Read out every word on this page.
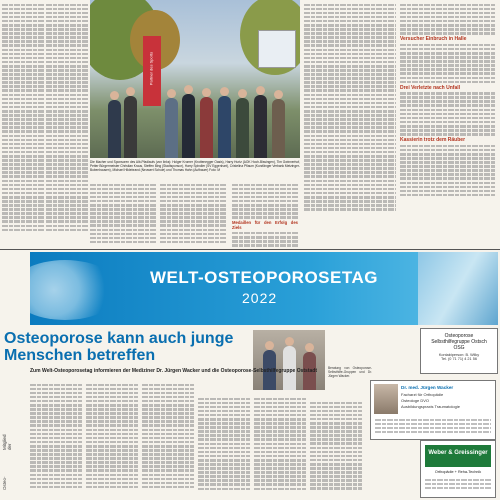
Partner des Sports
Die Macher und Sponsoren des Alb-Pfadlaufs (von links): Holger Kromer (Krottenegger Oasis), Harry Hurtz (AOK Hoch-Bissingen), Tim Gwinnerhof, Petter Bürgermeister Christian Kraus, Steffen Bing (Stadtsponsor), Harry Spindler (SV Eggenhart), Cristelina Pflaum (Kurzfänger Verbank Metzinger-Bubenhausen), Michael Hildebrand (Neuwert Schule) und Thomas Hahn (Aufbauer) Foto: M
Medaillen für den Erfolg des Ziels
Versucher Einbruch in Halle
Drei Verletzte nach Unfall
Kassierin trotz dem Räuber
Mitglied der
Osteo-
WELT-OSTEOPOROSETAG
2022
Osteoporose kann auch junge Menschen betreffen
Beratung von Osteoporose-Selbsthilfe-Gruppen und Dr. Jürgen Wacker.
Osteoporose Selbsthilfegruppe Ostsch OSG
Kontaktperson: B. Wilky
Tel. (0 71 71) 4 21 56
Zum Welt-Osteoporosetag informieren der Mediziner Dr. Jürgen Wacker und die Osteoporose-Selbsthilfegruppe Oststadt
Dr. med. Jürgen Wacker
Facharzt für Orthopädie
Osteologe DVO
Ausbildungspraxis Traumatologie
Weber & Greissinger
Orthopädie + Reha-Technik
